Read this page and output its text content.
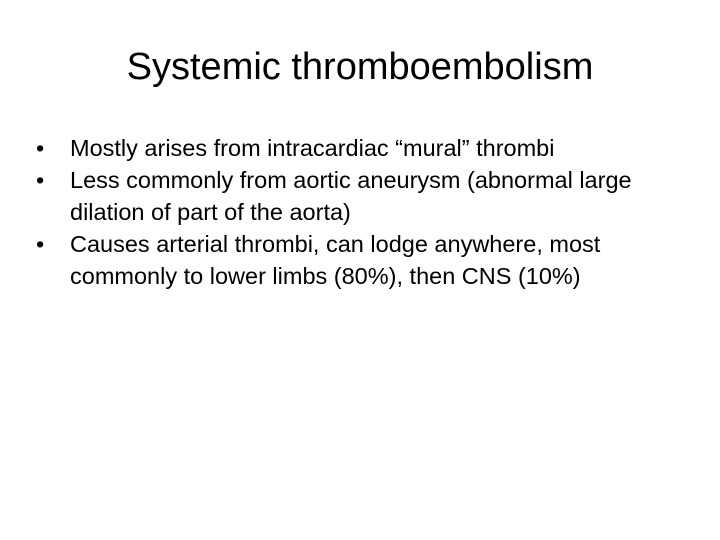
Systemic thromboembolism
•	Mostly arises from intracardiac “mural” thrombi
•	Less commonly from aortic aneurysm (abnormal large dilation of part of the aorta)
•	Causes arterial thrombi, can lodge anywhere, most commonly to lower limbs (80%), then CNS (10%)
